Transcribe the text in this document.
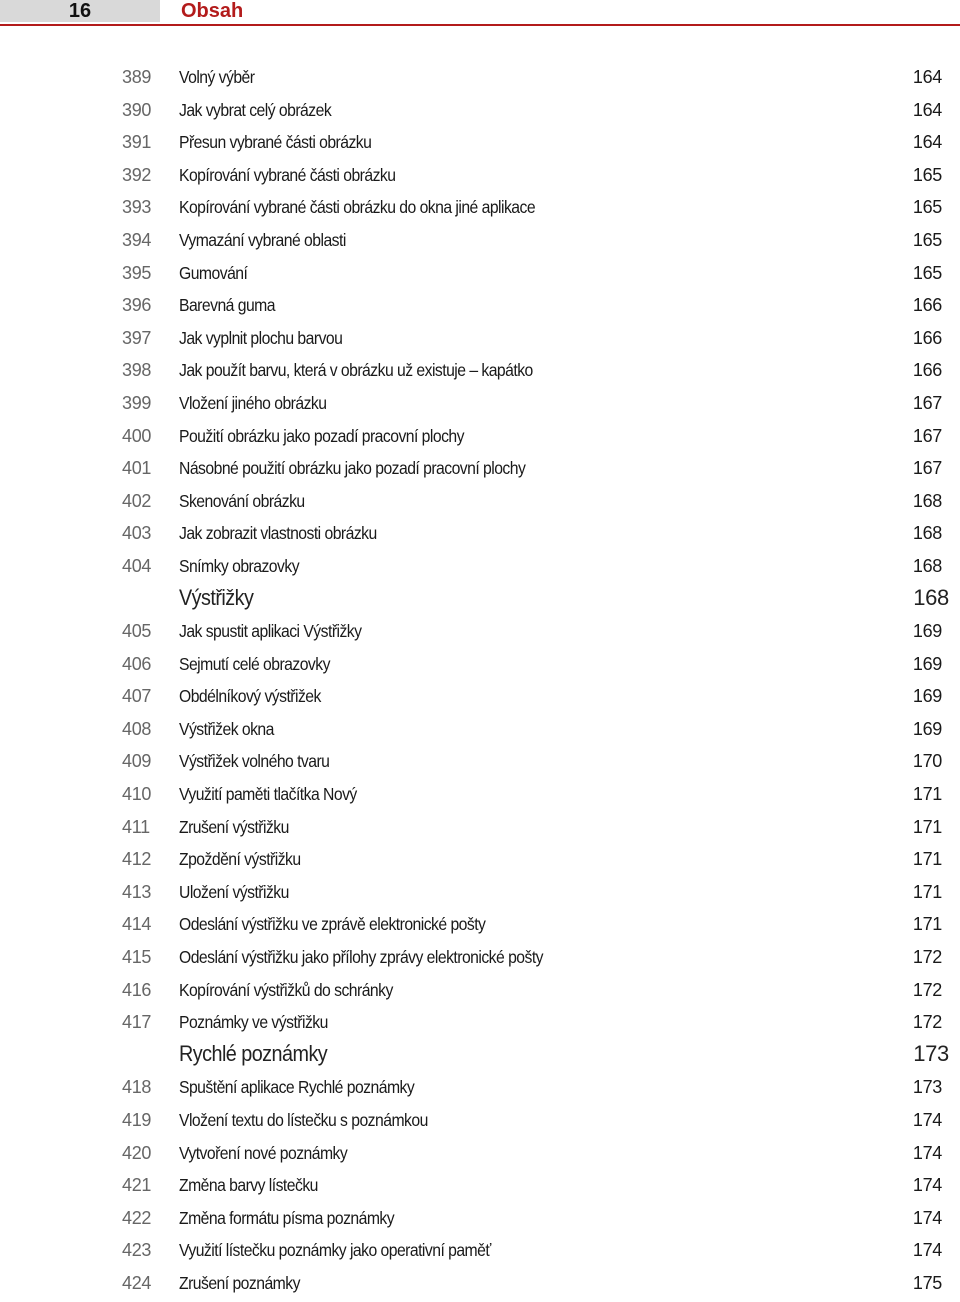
16	Obsah
389	Volný výběr	164
390	Jak vybrat celý obrázek	164
391	Přesun vybrané části obrázku	164
392	Kopírování vybrané části obrázku	165
393	Kopírování vybrané části obrázku do okna jiné aplikace	165
394	Vymazání vybrané oblasti	165
395	Gumování	165
396	Barevná guma	166
397	Jak vyplnit plochu barvou	166
398	Jak použít barvu, která v obrázku už existuje – kapátko	166
399	Vložení jiného obrázku	167
400	Použití obrázku jako pozadí pracovní plochy	167
401	Násobné použití obrázku jako pozadí pracovní plochy	167
402	Skenování obrázku	168
403	Jak zobrazit vlastnosti obrázku	168
404	Snímky obrazovky	168
Výstřižky	168
405	Jak spustit aplikaci Výstřižky	169
406	Sejmutí celé obrazovky	169
407	Obdélníkový výstřižek	169
408	Výstřižek okna	169
409	Výstřižek volného tvaru	170
410	Využití paměti tlačítka Nový	171
411	Zrušení výstřižku	171
412	Zpoždění výstřižku	171
413	Uložení výstřižku	171
414	Odeslání výstřižku ve zprávě elektronické pošty	171
415	Odeslání výstřižku jako přílohy zprávy elektronické pošty	172
416	Kopírování výstřižků do schránky	172
417	Poznámky ve výstřižku	172
Rychlé poznámky	173
418	Spuštění aplikace Rychlé poznámky	173
419	Vložení textu do lístečku s poznámkou	174
420	Vytvoření nové poznámky	174
421	Změna barvy lístečku	174
422	Změna formátu písma poznámky	174
423	Využití lístečku poznámky jako operativní paměť	174
424	Zrušení poznámky	175
